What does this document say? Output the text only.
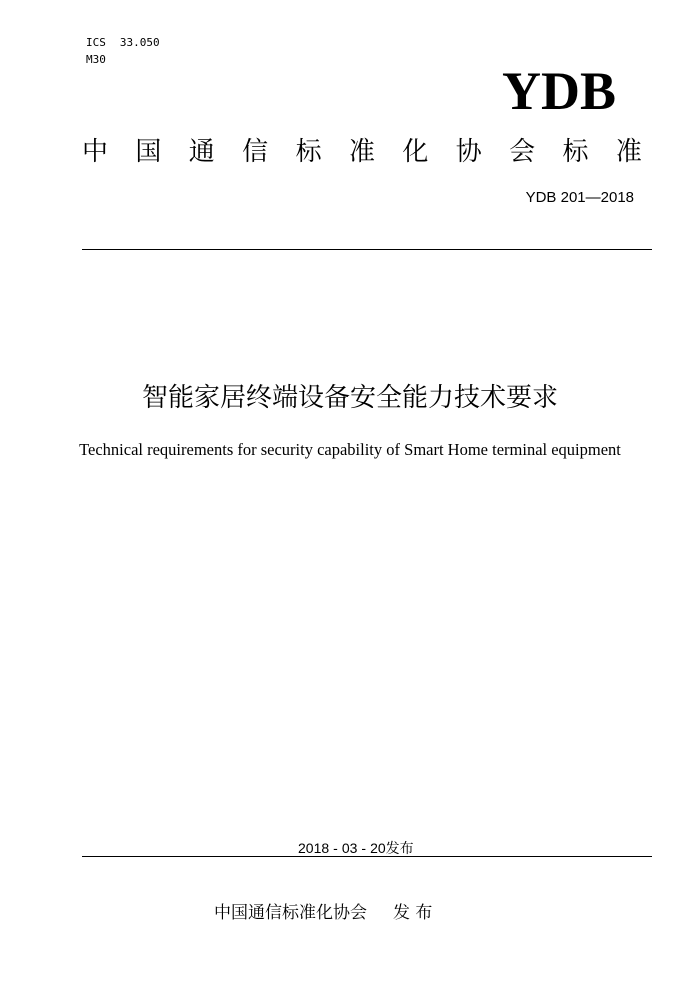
ICS 33.050
M30
YDB
中 国 通 信 标 准 化 协 会 标 准
YDB 201—2018
智能家居终端设备安全能力技术要求
Technical requirements for security capability of Smart Home terminal equipment
2018 - 03 - 20发布
中国通信标准化协会 发 布
